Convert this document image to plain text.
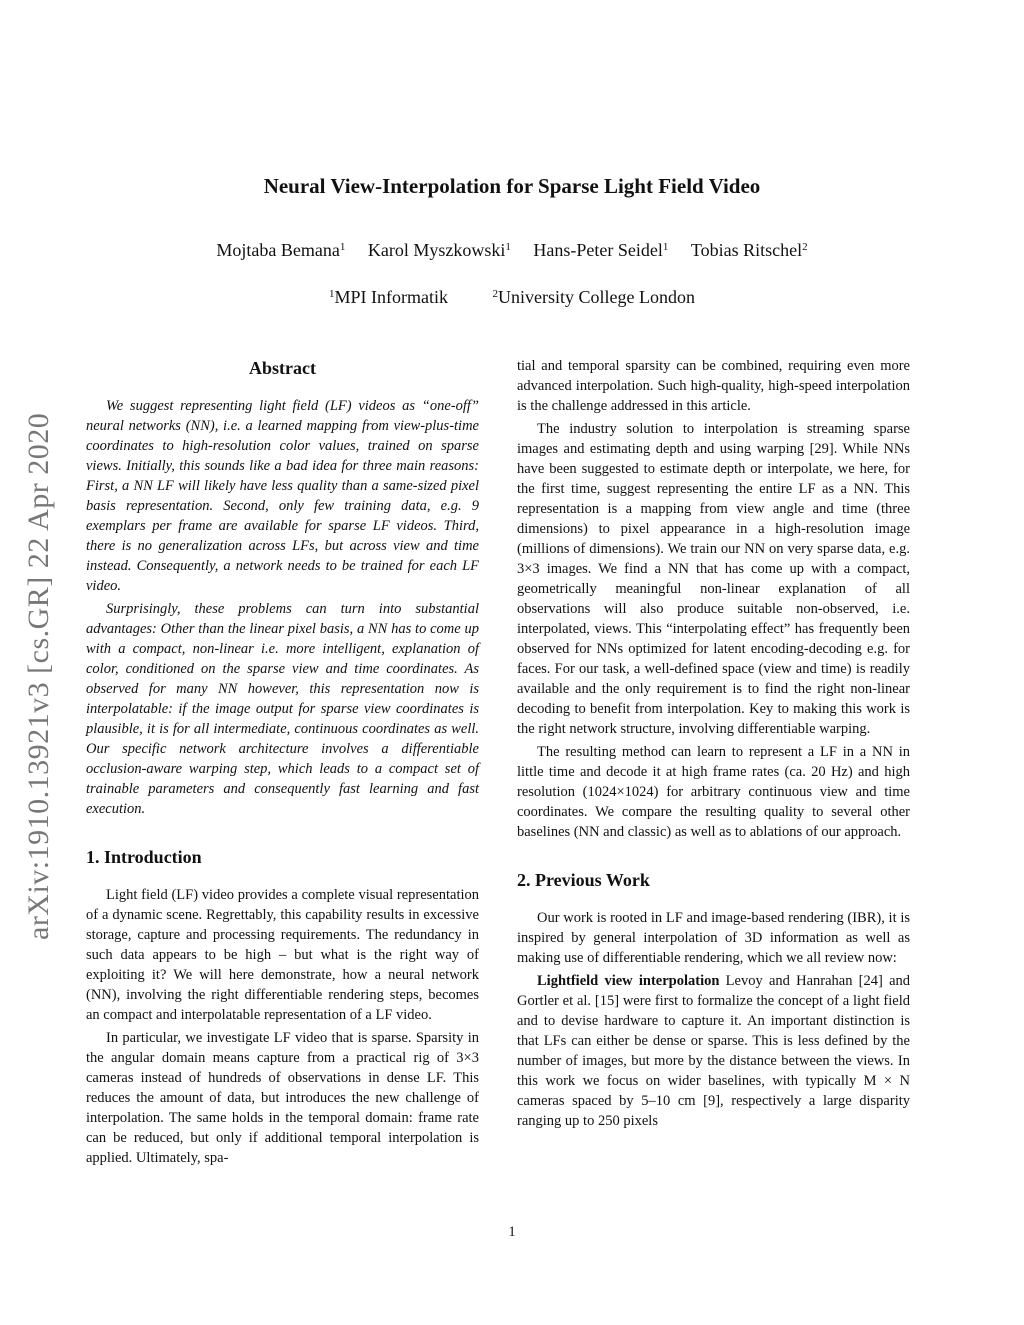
Neural View-Interpolation for Sparse Light Field Video
Mojtaba Bemana$^1$ Karol Myszkowski$^1$ Hans-Peter Seidel$^1$ Tobias Ritschel$^2$
$^1$MPI Informatik	$^2$University College London
arXiv:1910.13921v3 [cs.GR] 22 Apr 2020
Abstract

We suggest representing light field (LF) videos as “one-off” neural networks (NN), i.e. a learned mapping from view-plus-time coordinates to high-resolution color values, trained on sparse views. Initially, this sounds like a bad idea for three main reasons: First, a NN LF will likely have less quality than a same-sized pixel basis representation. Second, only few training data, e.g. 9 exemplars per frame are available for sparse LF videos. Third, there is no generalization across LFs, but across view and time instead. Consequently, a network needs to be trained for each LF video.

Surprisingly, these problems can turn into substantial advantages: Other than the linear pixel basis, a NN has to come up with a compact, non-linear i.e. more intelligent, explanation of color, conditioned on the sparse view and time coordinates. As observed for many NN however, this representation now is interpolatable: if the image output for sparse view coordinates is plausible, it is for all intermediate, continuous coordinates as well. Our specific network architecture involves a differentiable occlusion-aware warping step, which leads to a compact set of trainable parameters and consequently fast learning and fast execution.

1. Introduction

Light field (LF) video provides a complete visual representation of a dynamic scene. Regrettably, this capability results in excessive storage, capture and processing requirements. The redundancy in such data appears to be high – but what is the right way of exploiting it? We will here demonstrate, how a neural network (NN), involving the right differentiable rendering steps, becomes an compact and interpolatable representation of a LF video.

In particular, we investigate LF video that is sparse. Sparsity in the angular domain means capture from a practical rig of 3×3 cameras instead of hundreds of observations in dense LF. This reduces the amount of data, but introduces the new challenge of interpolation. The same holds in the temporal domain: frame rate can be reduced, but only if additional temporal interpolation is applied. Ultimately, spa-

tial and temporal sparsity can be combined, requiring even more advanced interpolation. Such high-quality, high-speed interpolation is the challenge addressed in this article.

The industry solution to interpolation is streaming sparse images and estimating depth and using warping [29]. While NNs have been suggested to estimate depth or interpolate, we here, for the first time, suggest representing the entire LF as a NN. This representation is a mapping from view angle and time (three dimensions) to pixel appearance in a high-resolution image (millions of dimensions). We train our NN on very sparse data, e.g. 3×3 images. We find a NN that has come up with a compact, geometrically meaningful non-linear explanation of all observations will also produce suitable non-observed, i.e. interpolated, views. This “interpolating effect” has frequently been observed for NNs optimized for latent encoding-decoding e.g. for faces. For our task, a well-defined space (view and time) is readily available and the only requirement is to find the right non-linear decoding to benefit from interpolation. Key to making this work is the right network structure, involving differentiable warping.

The resulting method can learn to represent a LF in a NN in little time and decode it at high frame rates (ca. 20 Hz) and high resolution (1024×1024) for arbitrary continuous view and time coordinates. We compare the resulting quality to several other baselines (NN and classic) as well as to ablations of our approach.

2. Previous Work

Our work is rooted in LF and image-based rendering (IBR), it is inspired by general interpolation of 3D information as well as making use of differentiable rendering, which we all review now:

Lightfield view interpolation Levoy and Hanrahan [24] and Gortler et al. [15] were first to formalize the concept of a light field and to devise hardware to capture it. An important distinction is that LFs can either be dense or sparse. This is less defined by the number of images, but more by the distance between the views. In this work we focus on wider baselines, with typically M × N cameras spaced by 5–10 cm [9], respectively a large disparity ranging up to 250 pixels

1
